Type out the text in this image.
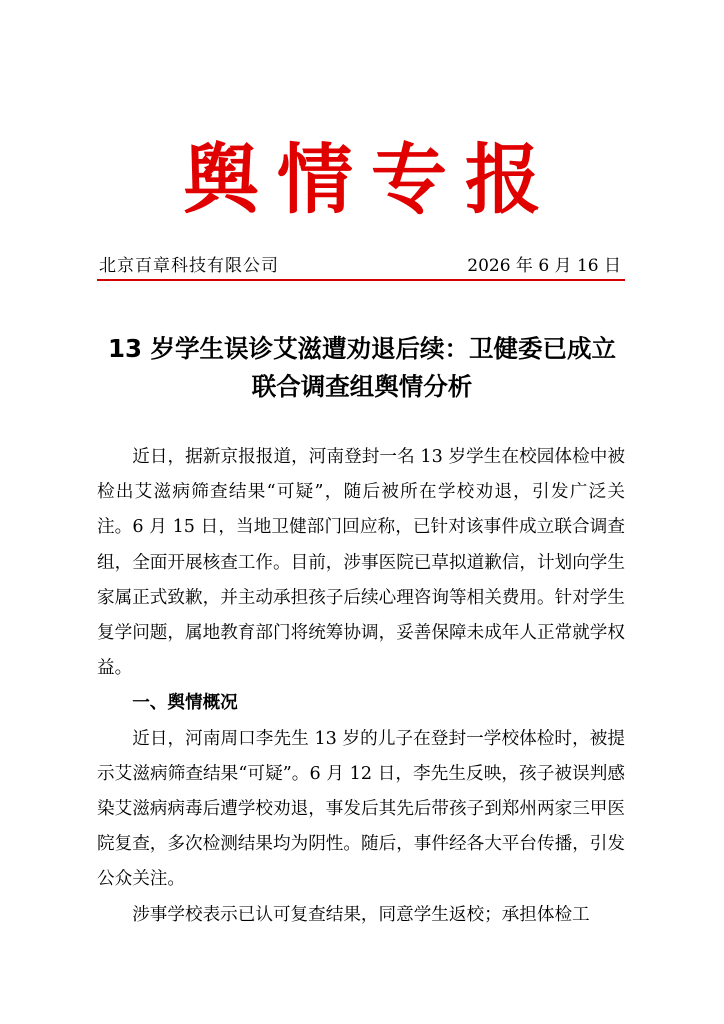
舆情专报
北京百章科技有限公司	2026 年 6 月 16 日
13 岁学生误诊艾滋遭劝退后续：卫健委已成立
联合调查组舆情分析

近日，据新京报报道，河南登封一名 13 岁学生在校园体检中被检出艾滋病筛查结果“可疑”，随后被所在学校劝退，引发广泛关注。6 月 15 日，当地卫健部门回应称，已针对该事件成立联合调查组，全面开展核查工作。目前，涉事医院已草拟道歉信，计划向学生家属正式致歉，并主动承担孩子后续心理咨询等相关费用。针对学生复学问题，属地教育部门将统筹协调，妥善保障未成年人正常就学权益。

一、舆情概况

近日，河南周口李先生 13 岁的儿子在登封一学校体检时，被提示艾滋病筛查结果“可疑”。6 月 12 日，李先生反映，孩子被误判感染艾滋病病毒后遭学校劝退，事发后其先后带孩子到郑州两家三甲医院复查，多次检测结果均为阴性。随后，事件经各大平台传播，引发公众关注。

涉事学校表示已认可复查结果，同意学生返校；承担体检工
